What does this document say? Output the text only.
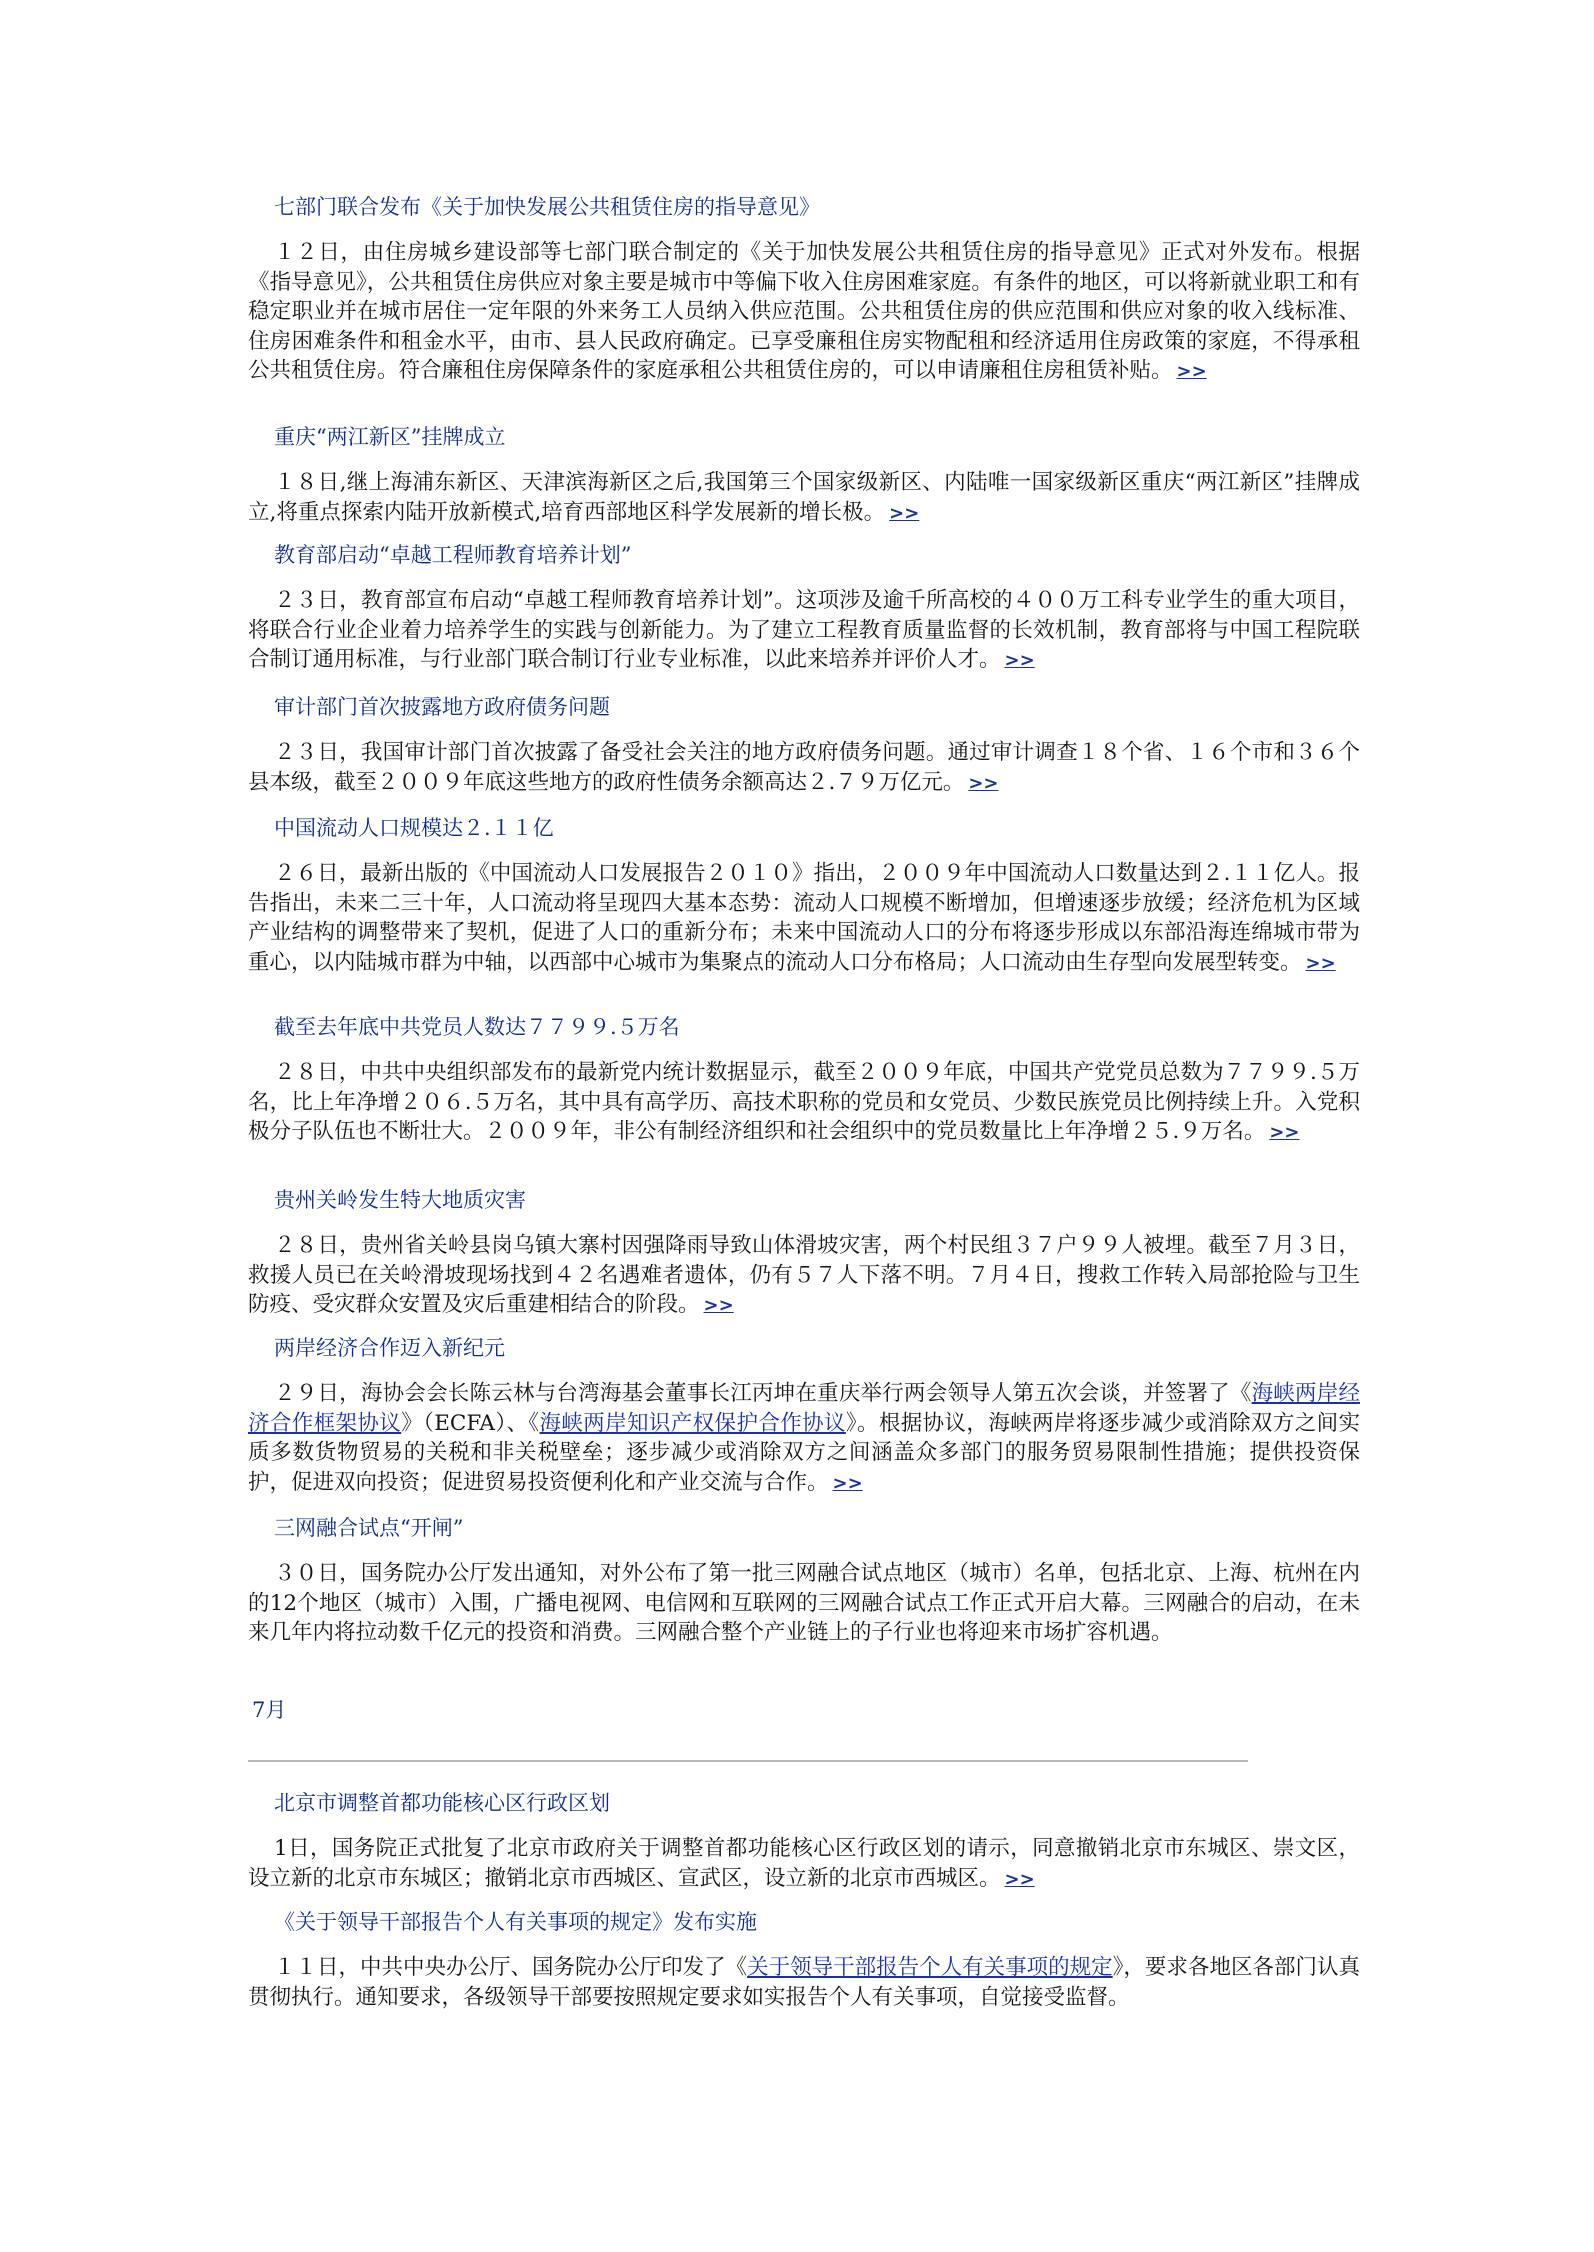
七部门联合发布《关于加快发展公共租赁住房的指导意见》

１２日，由住房城乡建设部等七部门联合制定的《关于加快发展公共租赁住房的指导意见》正式对外发布。根据《指导意见》，公共租赁住房供应对象主要是城市中等偏下收入住房困难家庭。有条件的地区，可以将新就业职工和有稳定职业并在城市居住一定年限的外来务工人员纳入供应范围。公共租赁住房的供应范围和供应对象的收入线标准、住房困难条件和租金水平，由市、县人民政府确定。已享受廉租住房实物配租和经济适用住房政策的家庭，不得承租公共租赁住房。符合廉租住房保障条件的家庭承租公共租赁住房的，可以申请廉租住房租赁补贴。 >>

重庆“两江新区”挂牌成立

１８日,继上海浦东新区、天津滨海新区之后,我国第三个国家级新区、内陆唯一国家级新区重庆“两江新区”挂牌成立,将重点探索内陆开放新模式,培育西部地区科学发展新的增长极。 >>

教育部启动“卓越工程师教育培养计划”

２３日，教育部宣布启动“卓越工程师教育培养计划”。这项涉及逾千所高校的４００万工科专业学生的重大项目，将联合行业企业着力培养学生的实践与创新能力。为了建立工程教育质量监督的长效机制，教育部将与中国工程院联合制订通用标准，与行业部门联合制订行业专业标准，以此来培养并评价人才。 >>

审计部门首次披露地方政府债务问题

２３日，我国审计部门首次披露了备受社会关注的地方政府债务问题。通过审计调查１８个省、１６个市和３６个县本级，截至２００９年底这些地方的政府性债务余额高达２.７９万亿元。 >>

中国流动人口规模达２.１１亿

２６日，最新出版的《中国流动人口发展报告２０１０》指出，２００９年中国流动人口数量达到２.１１亿人。报告指出，未来二三十年，人口流动将呈现四大基本态势：流动人口规模不断增加，但增速逐步放缓；经济危机为区域产业结构的调整带来了契机，促进了人口的重新分布；未来中国流动人口的分布将逐步形成以东部沿海连绵城市带为重心，以内陆城市群为中轴，以西部中心城市为集聚点的流动人口分布格局；人口流动由生存型向发展型转变。 >>

截至去年底中共党员人数达７７９９.５万名

２８日，中共中央组织部发布的最新党内统计数据显示，截至２００９年底，中国共产党党员总数为７７９９.５万名，比上年净增２０６.５万名，其中具有高学历、高技术职称的党员和女党员、少数民族党员比例持续上升。入党积极分子队伍也不断壮大。２００９年，非公有制经济组织和社会组织中的党员数量比上年净增２５.９万名。 >>

贵州关岭发生特大地质灾害

２８日，贵州省关岭县岗乌镇大寨村因强降雨导致山体滑坡灾害，两个村民组３７户９９人被埋。截至７月３日，救援人员已在关岭滑坡现场找到４２名遇难者遗体，仍有５７人下落不明。７月４日，搜救工作转入局部抢险与卫生防疫、受灾群众安置及灾后重建相结合的阶段。 >>

两岸经济合作迈入新纪元

２９日，海协会会长陈云林与台湾海基会董事长江丙坤在重庆举行两会领导人第五次会谈，并签署了《海峡两岸经济合作框架协议》（ECFA）、《海峡两岸知识产权保护合作协议》。根据协议，海峡两岸将逐步减少或消除双方之间实质多数货物贸易的关税和非关税壁垒；逐步减少或消除双方之间涵盖众多部门的服务贸易限制性措施；提供投资保护，促进双向投资；促进贸易投资便利化和产业交流与合作。 >>

三网融合试点“开闸”

３０日，国务院办公厅发出通知，对外公布了第一批三网融合试点地区（城市）名单，包括北京、上海、杭州在内的12个地区（城市）入围，广播电视网、电信网和互联网的三网融合试点工作正式开启大幕。三网融合的启动，在未来几年内将拉动数千亿元的投资和消费。三网融合整个产业链上的子行业也将迎来市场扩容机遇。

7月
北京市调整首都功能核心区行政区划

1日，国务院正式批复了北京市政府关于调整首都功能核心区行政区划的请示，同意撤销北京市东城区、崇文区，设立新的北京市东城区；撤销北京市西城区、宣武区，设立新的北京市西城区。 >>

《关于领导干部报告个人有关事项的规定》发布实施

１１日，中共中央办公厅、国务院办公厅印发了《关于领导干部报告个人有关事项的规定》，要求各地区各部门认真贯彻执行。通知要求，各级领导干部要按照规定要求如实报告个人有关事项，自觉接受监督。
